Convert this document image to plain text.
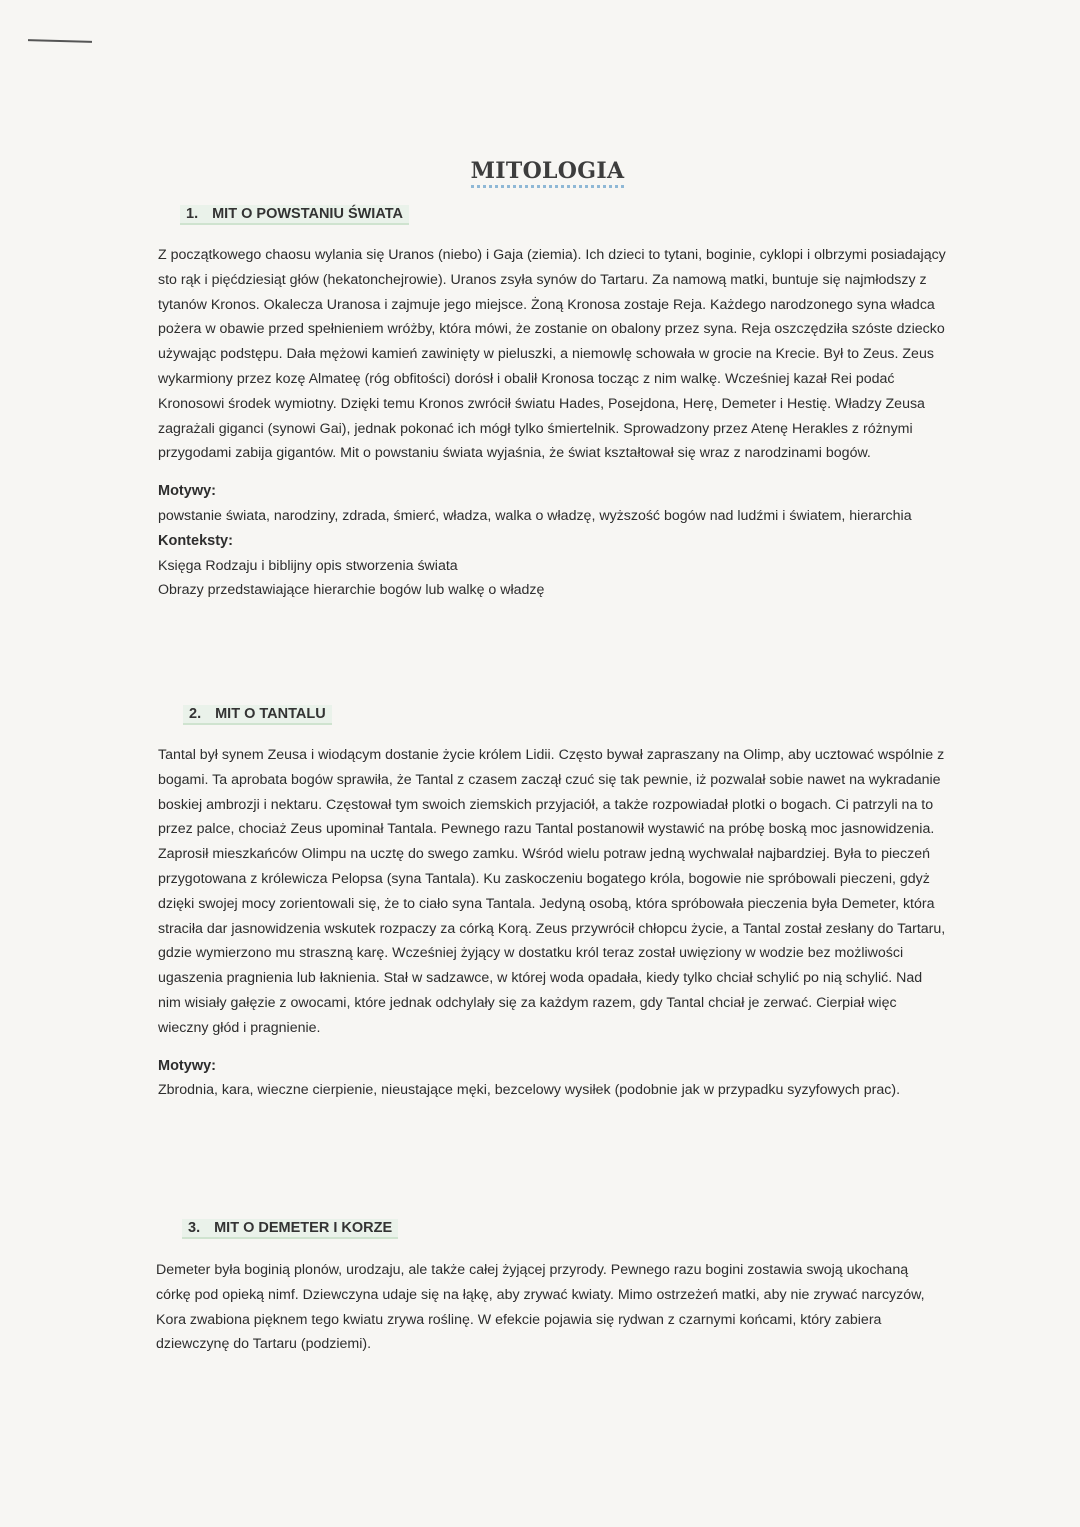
MITOLOGIA
1. MIT O POWSTANIU ŚWIATA

Z początkowego chaosu wylania się Uranos (niebo) i Gaja (ziemia). Ich dzieci to tytani, boginie, cyklopi i olbrzymi posiadający sto rąk i pięćdziesiąt głów (hekatonchejrowie). Uranos zsyła synów do Tartaru. Za namową matki, buntuje się najmłodszy z tytanów Kronos. Okalecza Uranosa i zajmuje jego miejsce. Żoną Kronosa zostaje Reja. Każdego narodzonego syna władca pożera w obawie przed spełnieniem wróżby, która mówi, że zostanie on obalony przez syna. Reja oszczędziła szóste dziecko używając podstępu. Dała mężowi kamień zawinięty w pieluszki, a niemowlę schowała w grocie na Krecie. Był to Zeus. Zeus wykarmiony przez kozę Almateę (róg obfitości) dorósł i obalił Kronosa tocząc z nim walkę. Wcześniej kazał Rei podać Kronosowi środek wymiotny. Dzięki temu Kronos zwrócił światu Hades, Posejdona, Herę, Demeter i Hestię. Władzy Zeusa zagrażali giganci (synowi Gai), jednak pokonać ich mógł tylko śmiertelnik. Sprowadzony przez Atenę Herakles z różnymi przygodami zabija gigantów. Mit o powstaniu świata wyjaśnia, że świat kształtował się wraz z narodzinami bogów.

Motywy:

powstanie świata, narodziny, zdrada, śmierć, władza, walka o władzę, wyższość bogów nad ludźmi i światem, hierarchia

Konteksty:

Księga Rodzaju i biblijny opis stworzenia świata

Obrazy przedstawiające hierarchie bogów lub walkę o władzę

2. MIT O TANTALU

Tantal był synem Zeusa i wiodącym dostanie życie królem Lidii. Często bywał zapraszany na Olimp, aby ucztować wspólnie z bogami. Ta aprobata bogów sprawiła, że Tantal z czasem zaczął czuć się tak pewnie, iż pozwalał sobie nawet na wykradanie boskiej ambrozji i nektaru. Częstował tym swoich ziemskich przyjaciół, a także rozpowiadał plotki o bogach. Ci patrzyli na to przez palce, chociaż Zeus upominał Tantala. Pewnego razu Tantal postanowił wystawić na próbę boską moc jasnowidzenia. Zaprosił mieszkańców Olimpu na ucztę do swego zamku. Wśród wielu potraw jedną wychwalał najbardziej. Była to pieczeń przygotowana z królewicza Pelopsa (syna Tantala). Ku zaskoczeniu bogatego króla, bogowie nie spróbowali pieczeni, gdyż dzięki swojej mocy zorientowali się, że to ciało syna Tantala. Jedyną osobą, która spróbowała pieczenia była Demeter, która straciła dar jasnowidzenia wskutek rozpaczy za córką Korą. Zeus przywrócił chłopcu życie, a Tantal został zesłany do Tartaru, gdzie wymierzono mu straszną karę. Wcześniej żyjący w dostatku król teraz został uwięziony w wodzie bez możliwości ugaszenia pragnienia lub łaknienia. Stał w sadzawce, w której woda opadała, kiedy tylko chciał schylić po nią schylić. Nad nim wisiały gałęzie z owocami, które jednak odchylały się za każdym razem, gdy Tantal chciał je zerwać. Cierpiał więc wieczny głód i pragnienie.

Motywy:

Zbrodnia, kara, wieczne cierpienie, nieustające męki, bezcelowy wysiłek (podobnie jak w przypadku syzyfowych prac).

3. MIT O DEMETER I KORZE

Demeter była boginią plonów, urodzaju, ale także całej żyjącej przyrody. Pewnego razu bogini zostawia swoją ukochaną córkę pod opieką nimf. Dziewczyna udaje się na łąkę, aby zrywać kwiaty. Mimo ostrzeżeń matki, aby nie zrywać narcyzów, Kora zwabiona pięknem tego kwiatu zrywa roślinę. W efekcie pojawia się rydwan z czarnymi końcami, który zabiera dziewczynę do Tartaru (podziemi).
